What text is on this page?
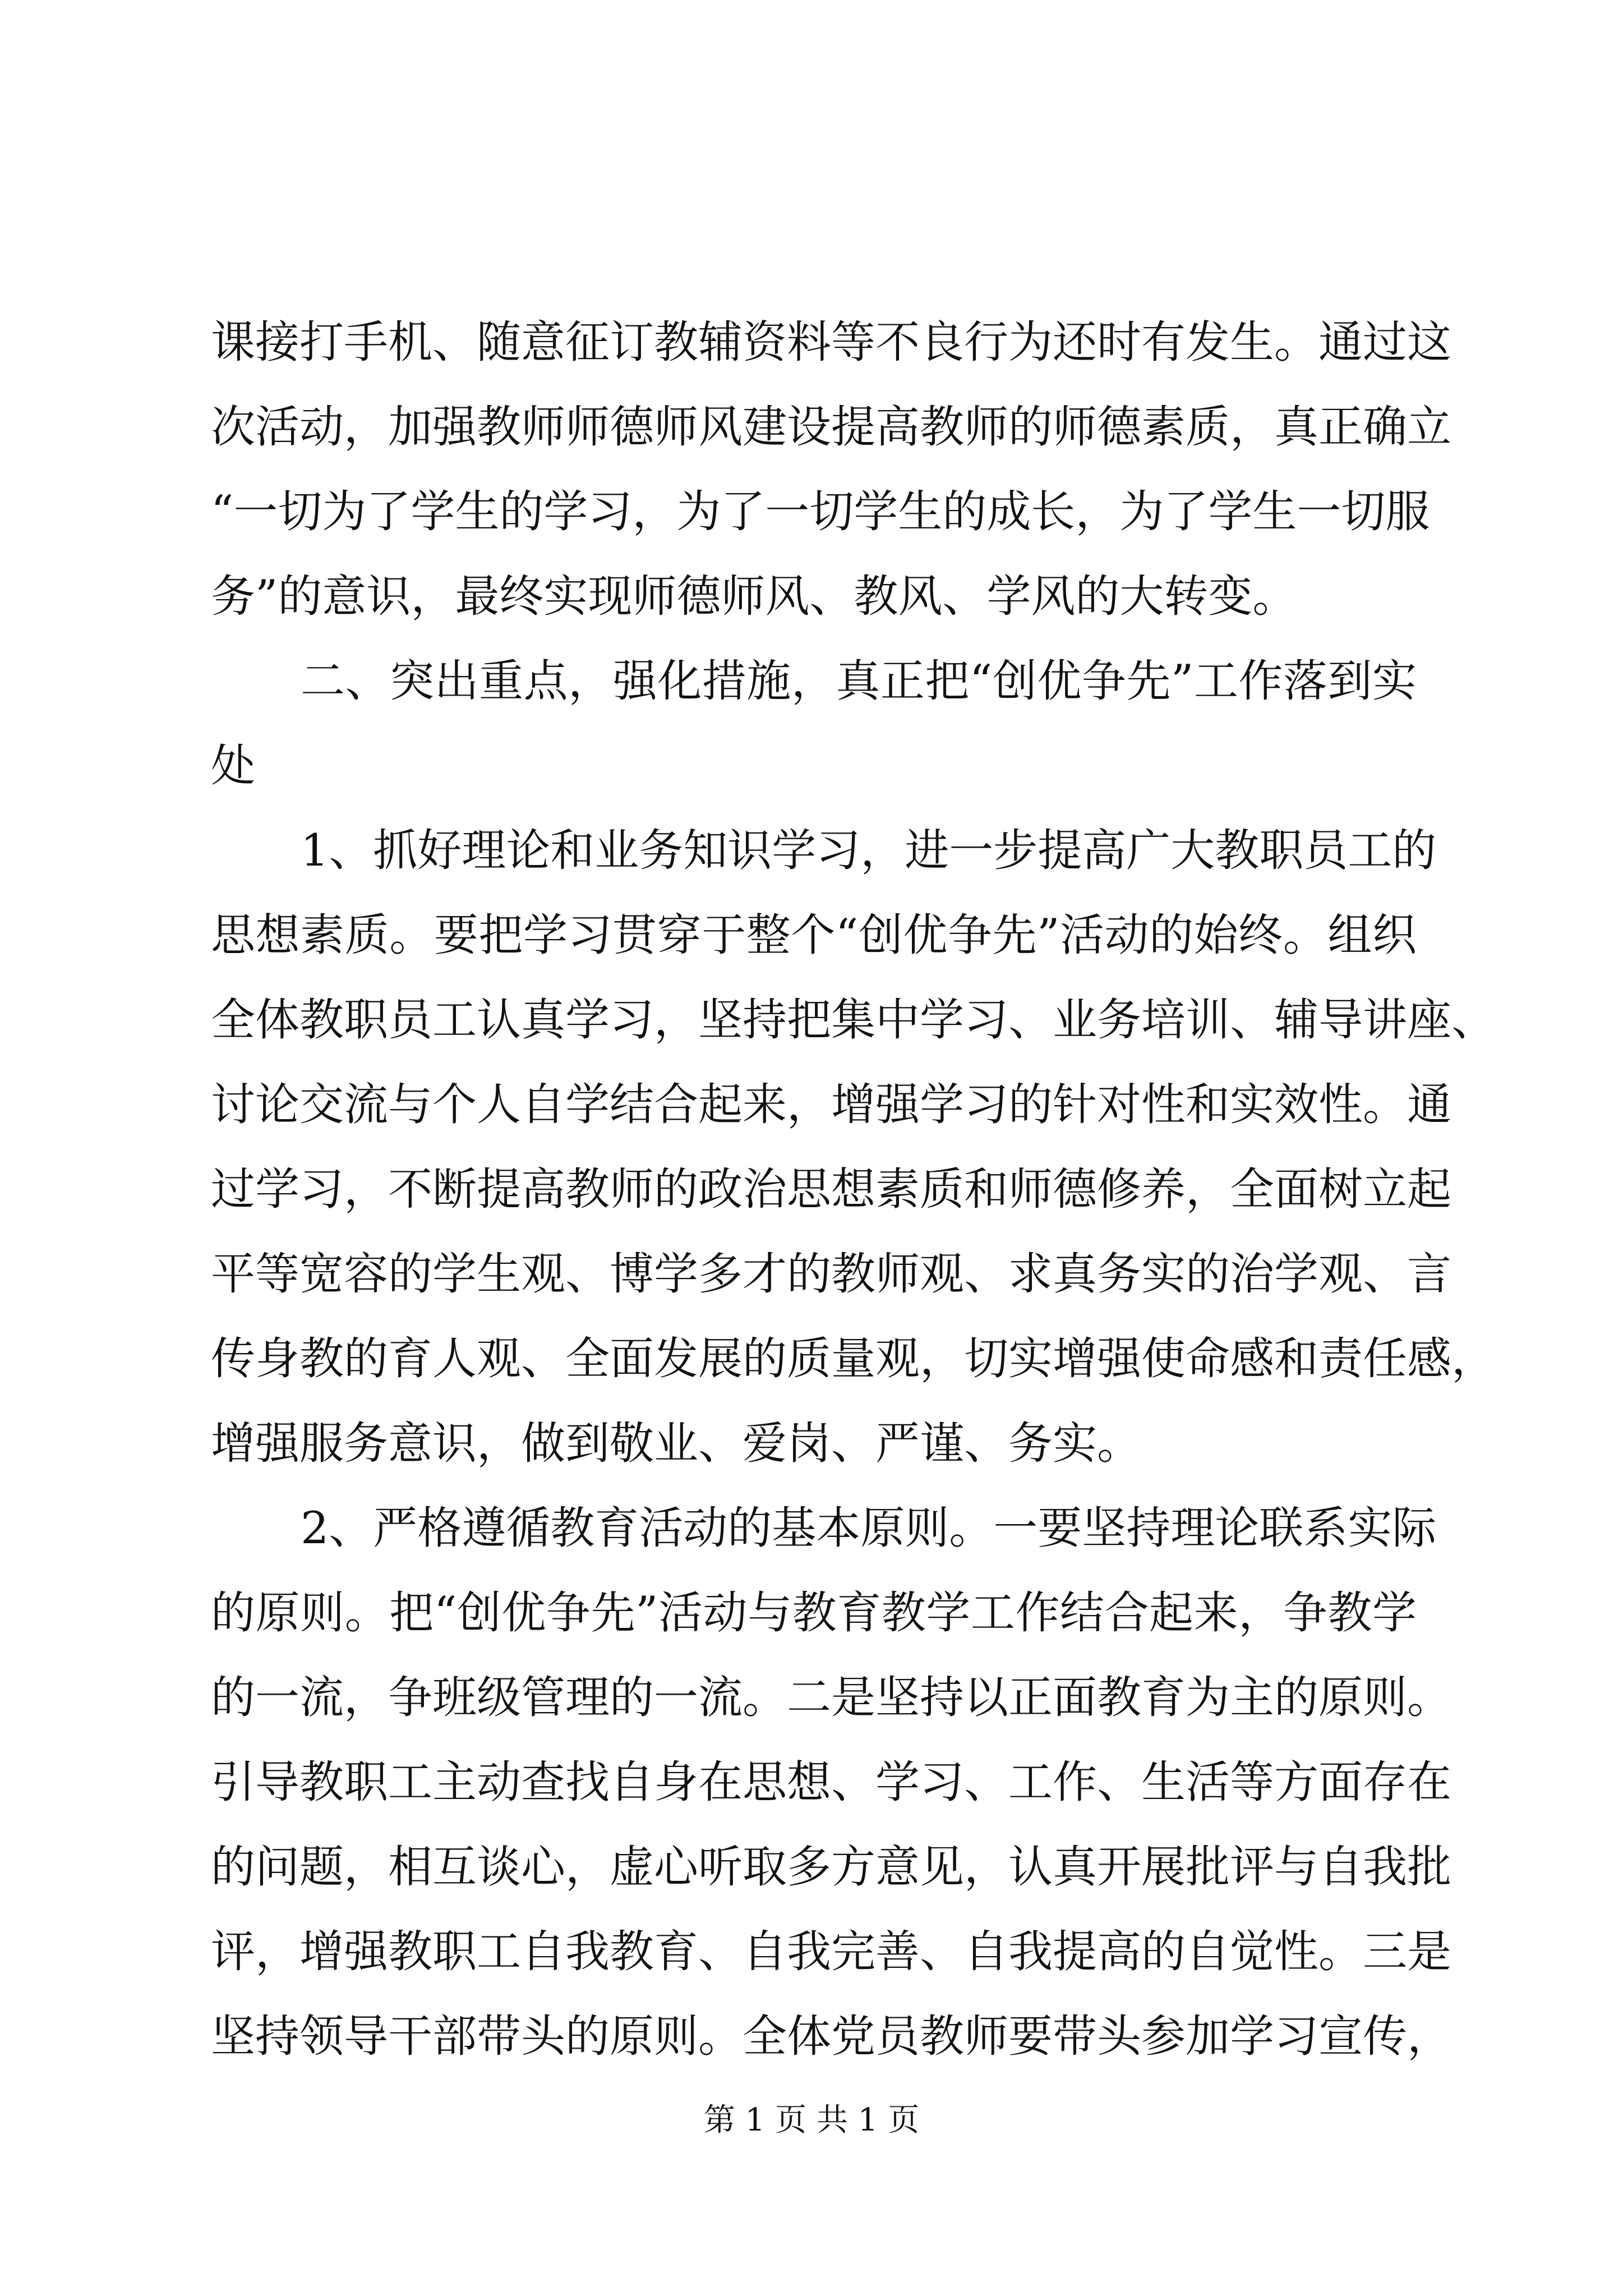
课接打手机、随意征订教辅资料等不良行为还时有发生。通过这
次活动，加强教师师德师风建设提高教师的师德素质，真正确立
“一切为了学生的学习，为了一切学生的成长，为了学生一切服
务”的意识，最终实现师德师风、教风、学风的大转变。
二、突出重点，强化措施，真正把“创优争先”工作落到实
处
1、抓好理论和业务知识学习，进一步提高广大教职员工的
思想素质。要把学习贯穿于整个“创优争先”活动的始终。组织
全体教职员工认真学习，坚持把集中学习、业务培训、辅导讲座、
讨论交流与个人自学结合起来，增强学习的针对性和实效性。通
过学习，不断提高教师的政治思想素质和师德修养，全面树立起
平等宽容的学生观、博学多才的教师观、求真务实的治学观、言
传身教的育人观、全面发展的质量观，切实增强使命感和责任感，
增强服务意识，做到敬业、爱岗、严谨、务实。
2、严格遵循教育活动的基本原则。一要坚持理论联系实际
的原则。把“创优争先”活动与教育教学工作结合起来，争教学
的一流，争班级管理的一流。二是坚持以正面教育为主的原则。
引导教职工主动查找自身在思想、学习、工作、生活等方面存在
的问题，相互谈心，虚心听取多方意见，认真开展批评与自我批
评，增强教职工自我教育、自我完善、自我提高的自觉性。三是
坚持领导干部带头的原则。全体党员教师要带头参加学习宣传，
第 1 页 共 1 页
